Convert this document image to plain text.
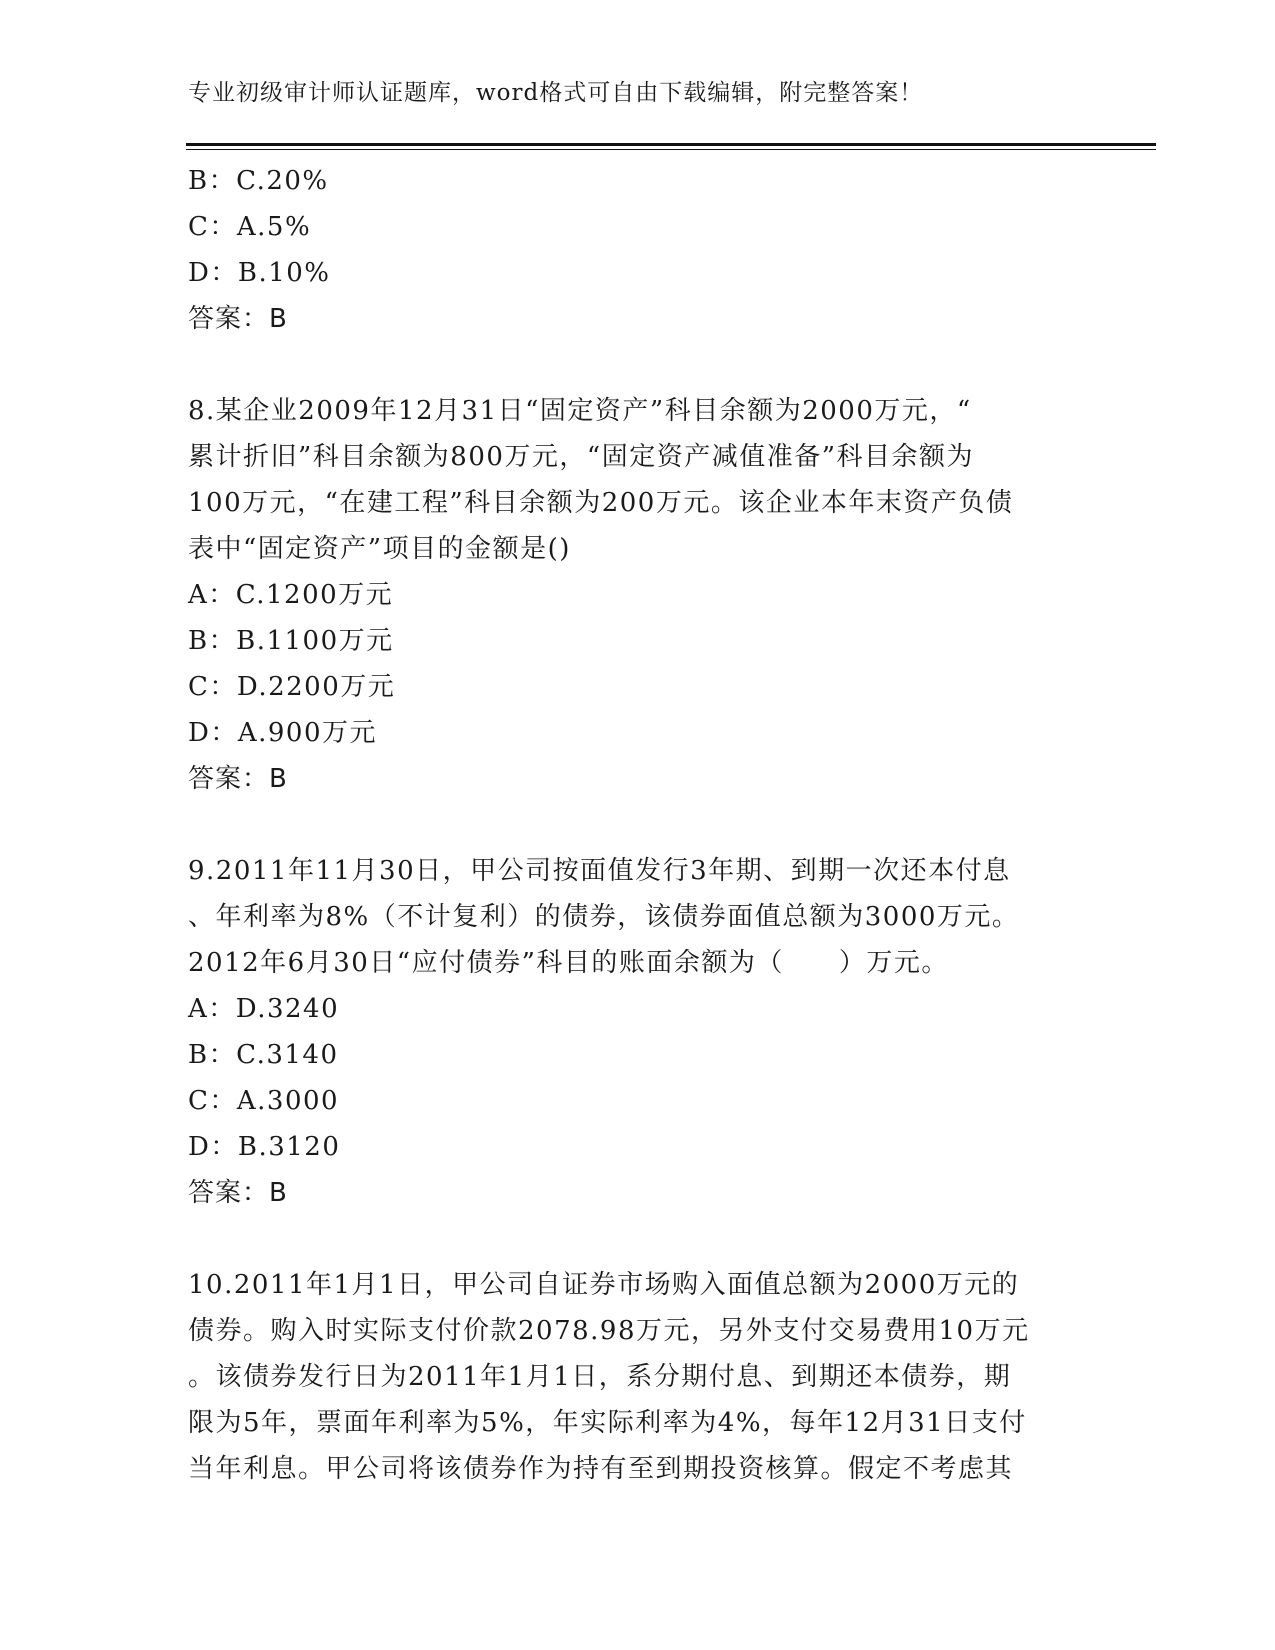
专业初级审计师认证题库，word格式可自由下载编辑，附完整答案！
B：C.20%
C：A.5%
D：B.10%
答案：B
8.某企业2009年12月31日“固定资产”科目余额为2000万元，“
累计折旧”科目余额为800万元，“固定资产减值准备”科目余额为
100万元，“在建工程”科目余额为200万元。该企业本年末资产负债
表中“固定资产”项目的金额是()
A：C.1200万元
B：B.1100万元
C：D.2200万元
D：A.900万元
答案：B
9.2011年11月30日，甲公司按面值发行3年期、到期一次还本付息
、年利率为8%（不计复利）的债券，该债券面值总额为3000万元。
2012年6月30日“应付债券”科目的账面余额为（　　）万元。
A：D.3240
B：C.3140
C：A.3000
D：B.3120
答案：B
10.2011年1月1日，甲公司自证券市场购入面值总额为2000万元的
债券。购入时实际支付价款2078.98万元，另外支付交易费用10万元
。该债券发行日为2011年1月1日，系分期付息、到期还本债券，期
限为5年，票面年利率为5%，年实际利率为4%，每年12月31日支付
当年利息。甲公司将该债券作为持有至到期投资核算。假定不考虑其
